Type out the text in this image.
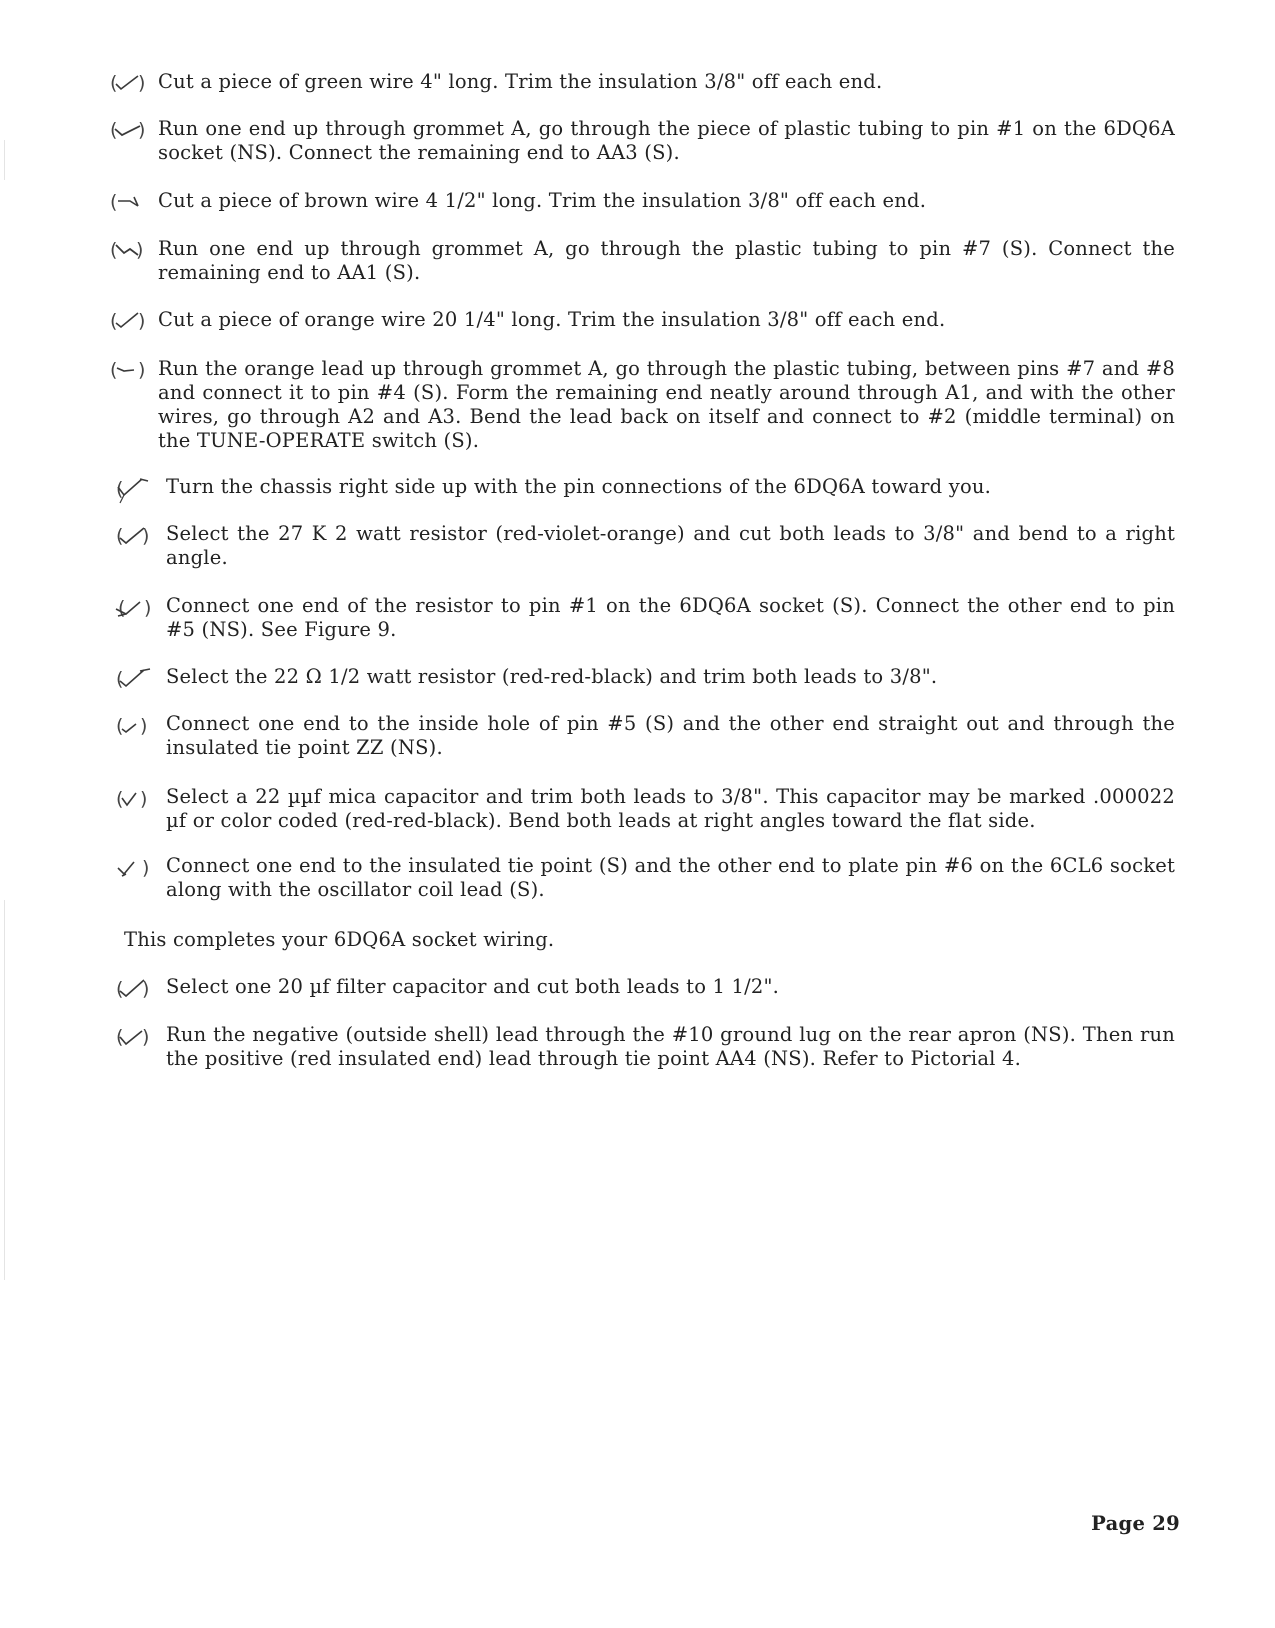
( ) Cut a piece of green wire 4" long. Trim the insulation 3/8" off each end.
( ) Run one end up through grommet A, go through the piece of plastic tubing to pin #1 on the 6DQ6A socket (NS). Connect the remaining end to AA3 (S).
( Cut a piece of brown wire 4 1/2" long. Trim the insulation 3/8" off each end.
( ) Run one end up through grommet A, go through the plastic tubing to pin #7 (S). Connect the remaining end to AA1 (S).
( ) Cut a piece of orange wire 20 1/4" long. Trim the insulation 3/8" off each end.
( ) Run the orange lead up through grommet A, go through the plastic tubing, between pins #7 and #8 and connect it to pin #4 (S). Form the remaining end neatly around through A1, and with the other wires, go through A2 and A3. Bend the lead back on itself and connect to #2 (middle terminal) on the TUNE-OPERATE switch (S).
( Turn the chassis right side up with the pin connections of the 6DQ6A toward you.
( ) Select the 27 K 2 watt resistor (red-violet-orange) and cut both leads to 3/8" and bend to a right angle.
( ) Connect one end of the resistor to pin #1 on the 6DQ6A socket (S). Connect the other end to pin #5 (NS). See Figure 9.
( Select the 22 Ω 1/2 watt resistor (red-red-black) and trim both leads to 3/8".
( ) Connect one end to the inside hole of pin #5 (S) and the other end straight out and through the insulated tie point ZZ (NS).
( ) Select a 22 µµf mica capacitor and trim both leads to 3/8". This capacitor may be marked .000022 µf or color coded (red-red-black). Bend both leads at right angles toward the flat side.
) Connect one end to the insulated tie point (S) and the other end to plate pin #6 on the 6CL6 socket along with the oscillator coil lead (S).
This completes your 6DQ6A socket wiring.
( ) Select one 20 µf filter capacitor and cut both leads to 1 1/2".
( ) Run the negative (outside shell) lead through the #10 ground lug on the rear apron (NS). Then run the positive (red insulated end) lead through tie point AA4 (NS). Refer to Pictorial 4.
Page 29
